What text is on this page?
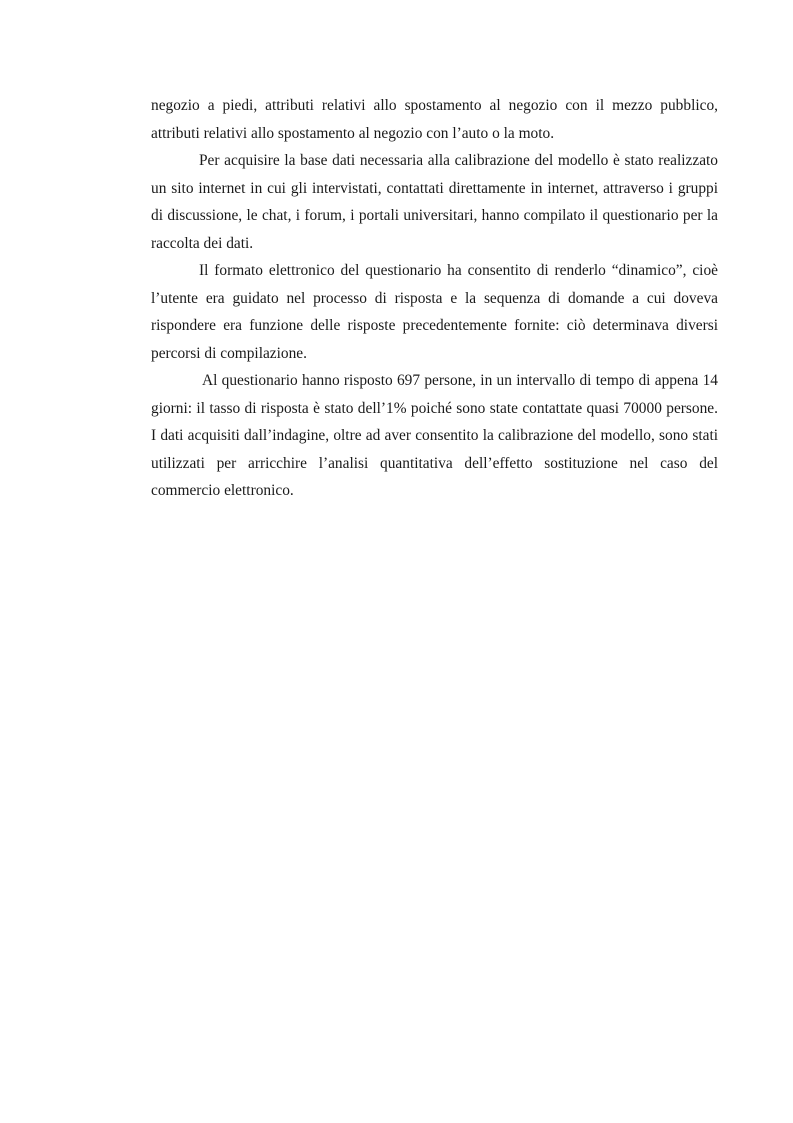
negozio a piedi, attributi relativi allo spostamento al negozio con il mezzo pubblico, attributi relativi allo spostamento al negozio con l’auto o la moto.

Per acquisire la base dati necessaria alla calibrazione del modello è stato realizzato un sito internet in cui gli intervistati, contattati direttamente in internet, attraverso i gruppi di discussione, le chat, i forum, i portali universitari, hanno compilato il questionario per la raccolta dei dati.

Il formato elettronico del questionario ha consentito di renderlo “dinamico”, cioè l’utente era guidato nel processo di risposta e la sequenza di domande a cui doveva rispondere era funzione delle risposte precedentemente fornite: ciò determinava diversi percorsi di compilazione.

Al questionario hanno risposto 697 persone, in un intervallo di tempo di appena 14 giorni: il tasso di risposta è stato dell’1% poiché sono state contattate quasi 70000 persone. I dati acquisiti dall’indagine, oltre ad aver consentito la calibrazione del modello, sono stati utilizzati per arricchire l’analisi quantitativa dell’effetto sostituzione nel caso del commercio elettronico.
